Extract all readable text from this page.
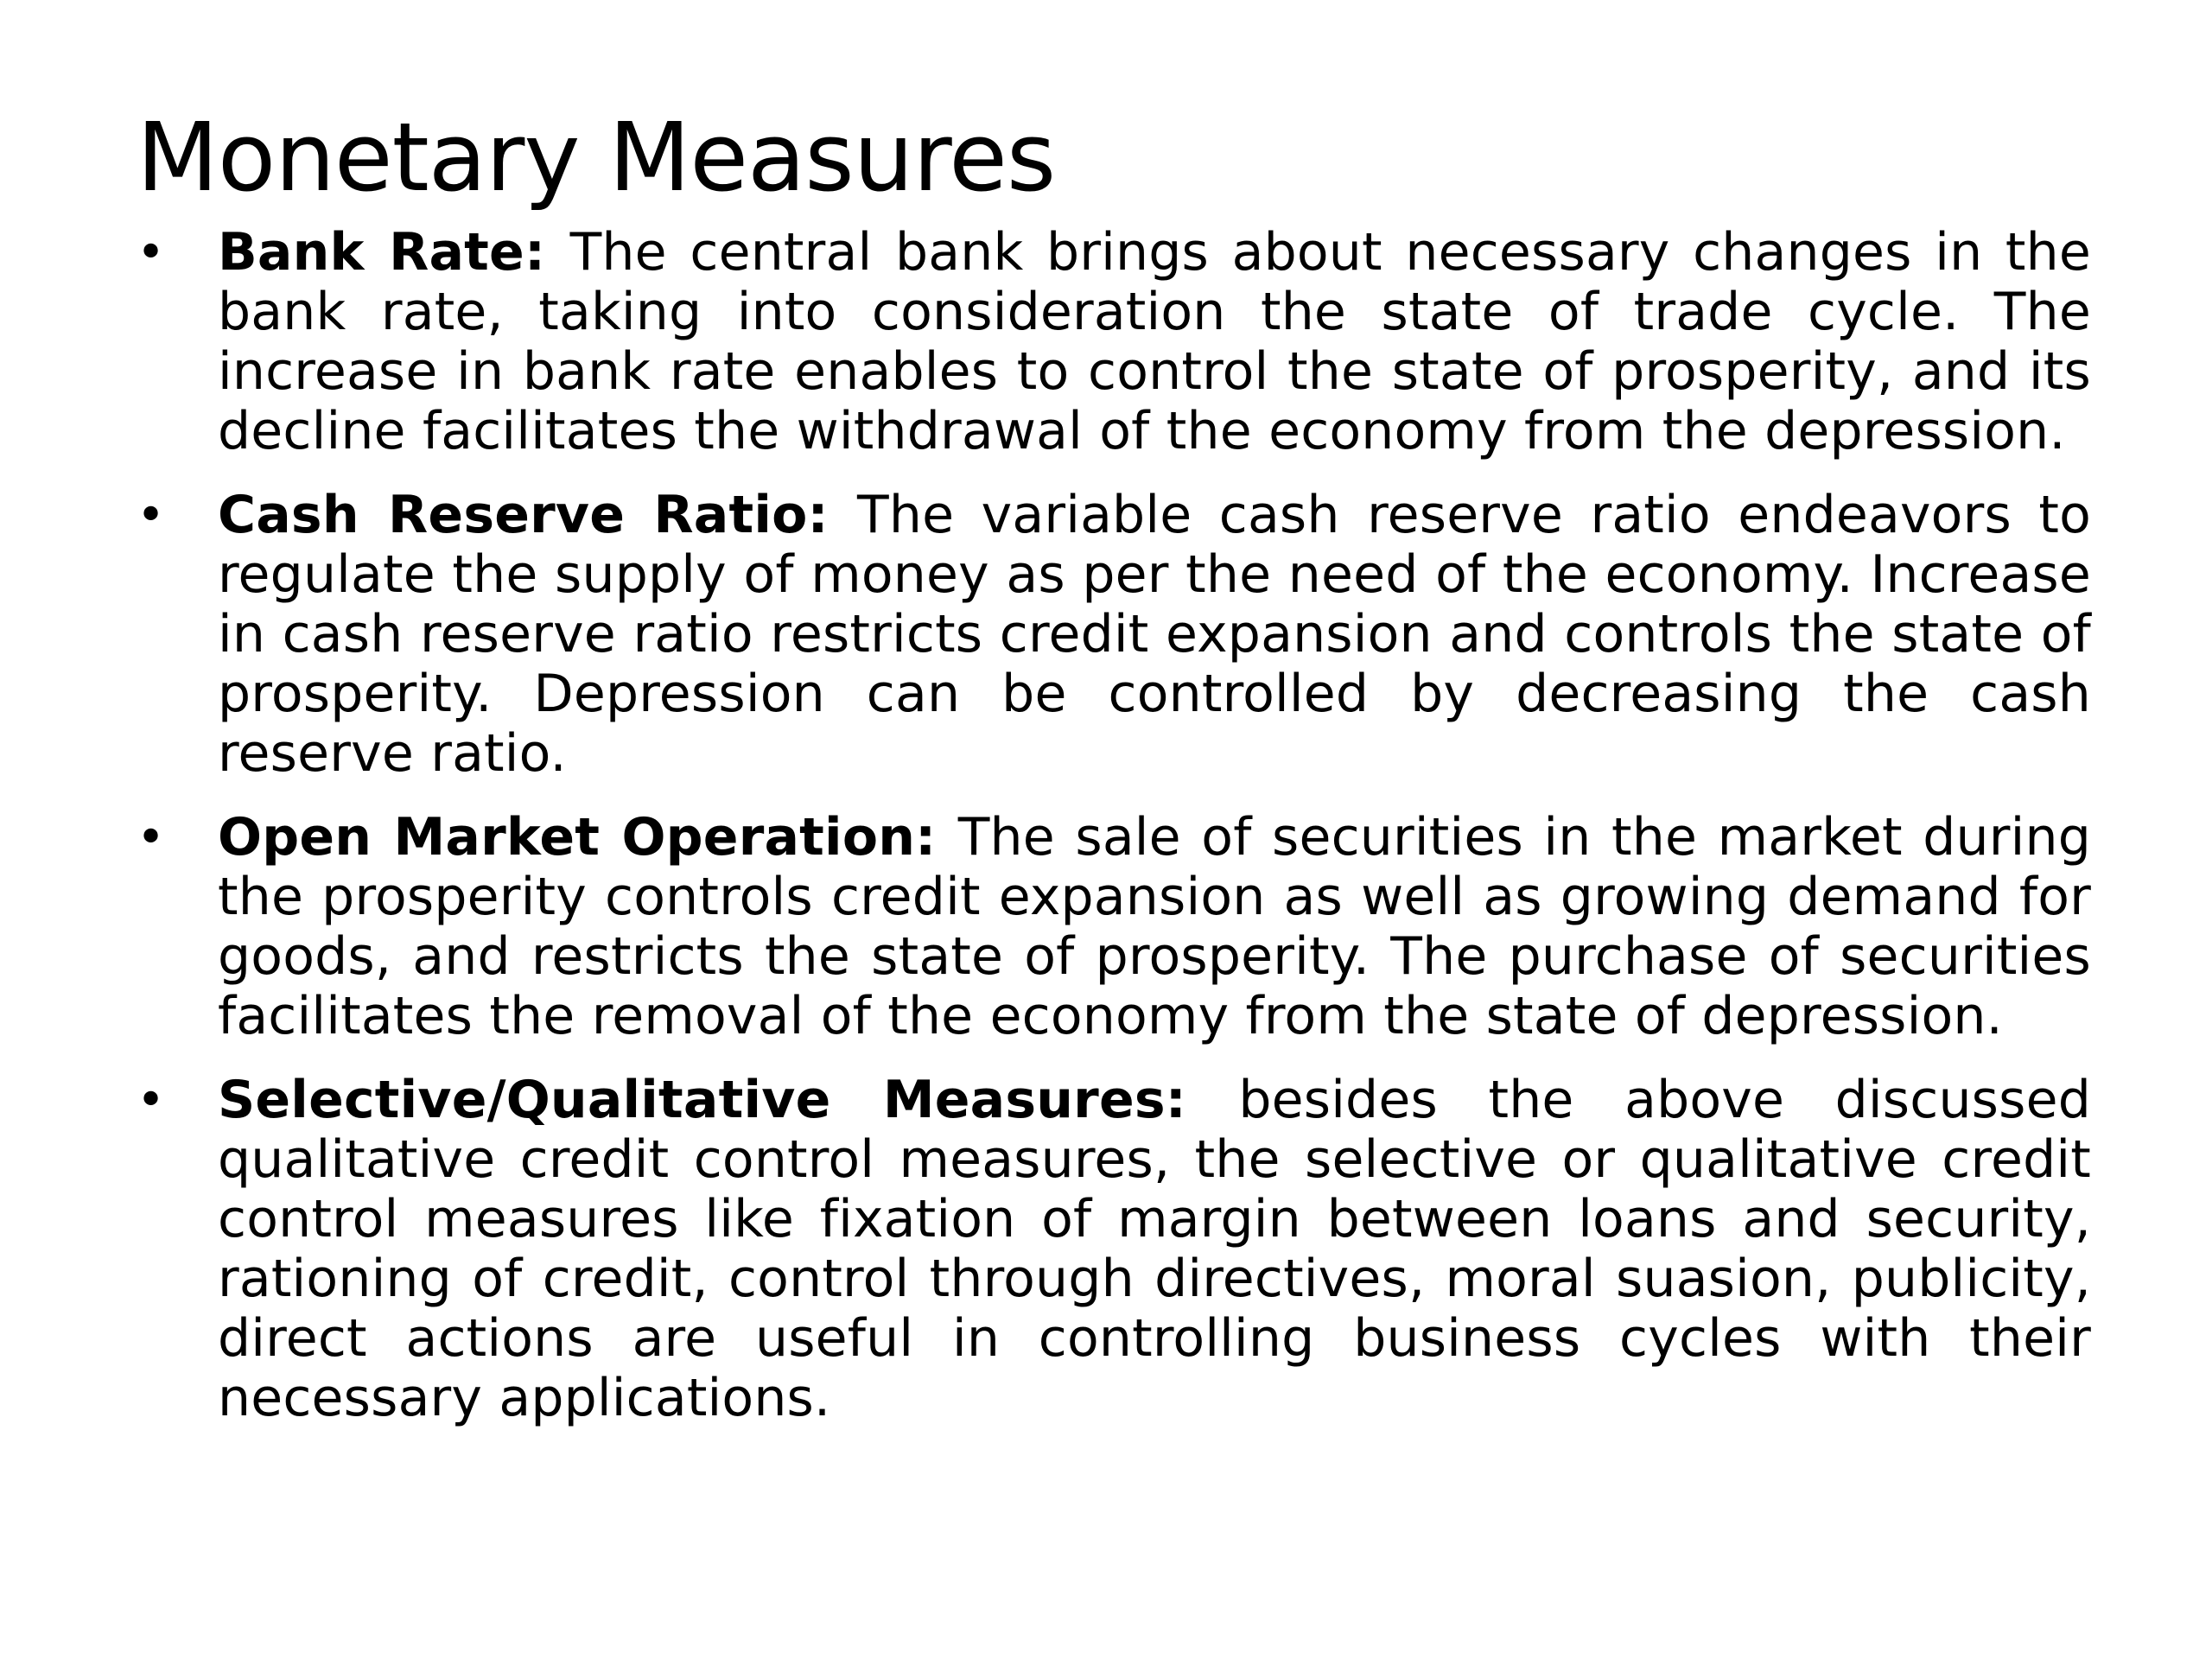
Monetary Measures
• Bank Rate: The central bank brings about necessary changes in the bank rate, taking into consideration the state of trade cycle. The increase in bank rate enables to control the state of prosperity, and its decline facilitates the withdrawal of the economy from the depression.
• Cash Reserve Ratio: The variable cash reserve ratio endeavors to regulate the supply of money as per the need of the economy. Increase in cash reserve ratio restricts credit expansion and controls the state of prosperity. Depression can be controlled by decreasing the cash reserve ratio.
• Open Market Operation: The sale of securities in the market during the prosperity controls credit expansion as well as growing demand for goods, and restricts the state of prosperity. The purchase of securities facilitates the removal of the economy from the state of depression.
• Selective/Qualitative Measures: besides the above discussed qualitative credit control measures, the selective or qualitative credit control measures like fixation of margin between loans and security, rationing of credit, control through directives, moral suasion, publicity, direct actions are useful in controlling business cycles with their necessary applications.
